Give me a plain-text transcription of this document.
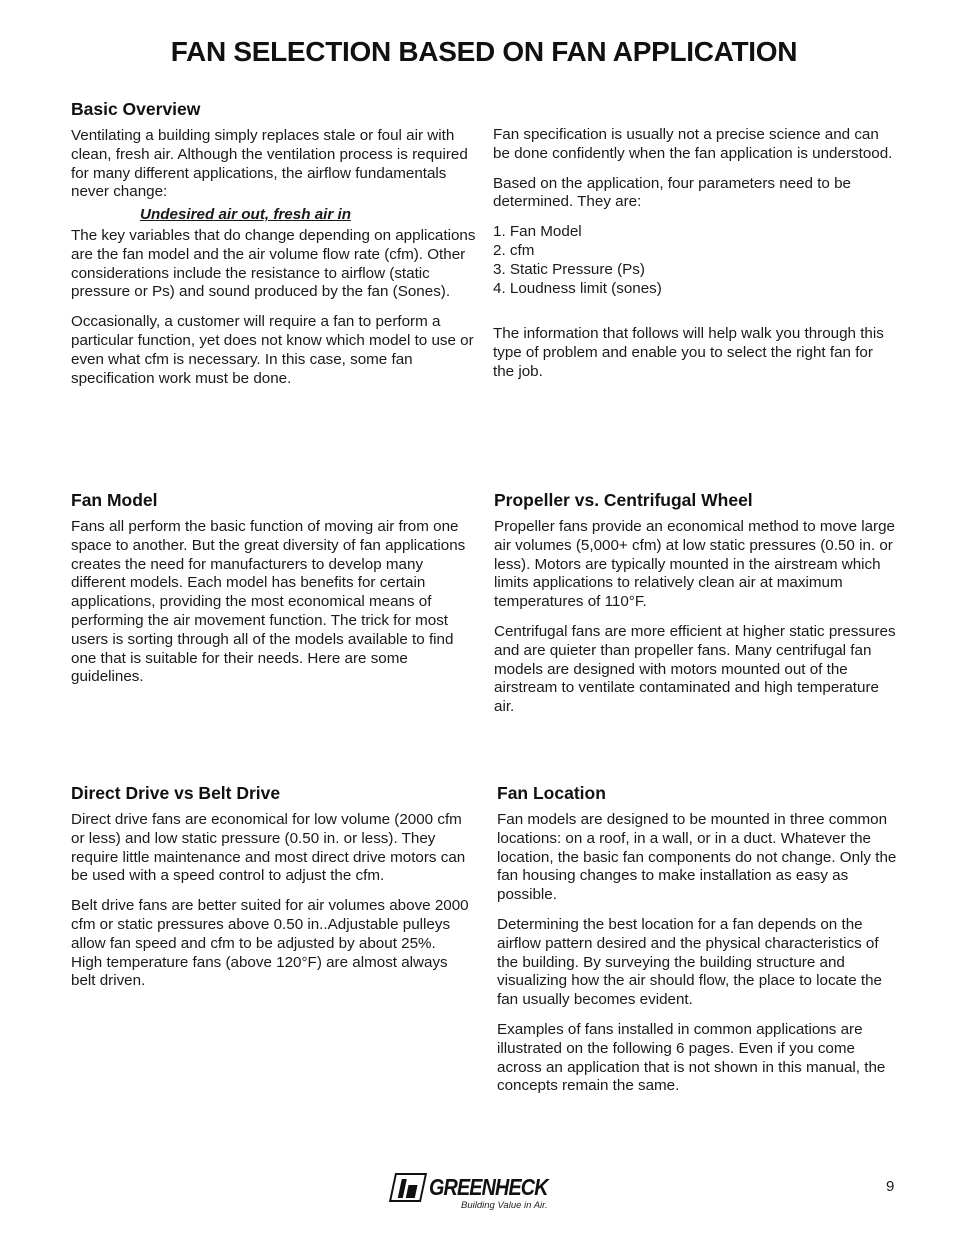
FAN SELECTION BASED ON FAN APPLICATION
Basic Overview

Ventilating a building simply replaces stale or foul air with clean, fresh air. Although the ventilation process is required for many different applications, the airflow fundamentals never change:

Undesired air out, fresh air in

The key variables that do change depending on applications are the fan model and the air volume flow rate (cfm). Other considerations include the resistance to airflow (static pressure or Ps) and sound produced by the fan (Sones).

Occasionally, a customer will require a fan to perform a particular function, yet does not know which model to use or even what cfm is necessary. In this case, some fan specification work must be done.

Fan specification is usually not a precise science and can be done confidently when the fan application is understood.

Based on the application, four parameters need to be determined. They are:

1. Fan Model
2. cfm
3. Static Pressure (Ps)
4. Loudness limit (sones)

The information that follows will help walk you through this type of problem and enable you to select the right fan for the job.

Fan Model

Fans all perform the basic function of moving air from one space to another. But the great diversity of fan applications creates the need for manufacturers to develop many different models. Each model has benefits for certain applications, providing the most economical means of performing the air movement function. The trick for most users is sorting through all of the models available to find one that is suitable for their needs. Here are some guidelines.

Propeller vs. Centrifugal Wheel

Propeller fans provide an economical method to move large air volumes (5,000+ cfm) at low static pressures (0.50 in. or less). Motors are typically mounted in the airstream which limits applications to relatively clean air at maximum temperatures of 110°F.

Centrifugal fans are more efficient at higher static pressures and are quieter than propeller fans. Many centrifugal fan models are designed with motors mounted out of the airstream to ventilate contaminated and high temperature air.

Direct Drive vs Belt Drive

Direct drive fans are economical for low volume (2000 cfm or less) and low static pressure (0.50 in. or less). They require little maintenance and most direct drive motors can be used with a speed control to adjust the cfm.

Belt drive fans are better suited for air volumes above 2000 cfm or static pressures above 0.50 in..Adjustable pulleys allow fan speed and cfm to be adjusted by about 25%. High temperature fans (above 120°F) are almost always belt driven.

Fan Location

Fan models are designed to be mounted in three common locations: on a roof, in a wall, or in a duct. Whatever the location, the basic fan components do not change. Only the fan housing changes to make installation as easy as possible.

Determining the best location for a fan depends on the airflow pattern desired and the physical characteristics of the building. By surveying the building structure and visualizing how the air should flow, the place to locate the fan usually becomes evident.

Examples of fans installed in common applications are illustrated on the following 6 pages. Even if you come across an application that is not shown in this manual, the concepts remain the same.

GREENHECK
Building Value in Air.
9
